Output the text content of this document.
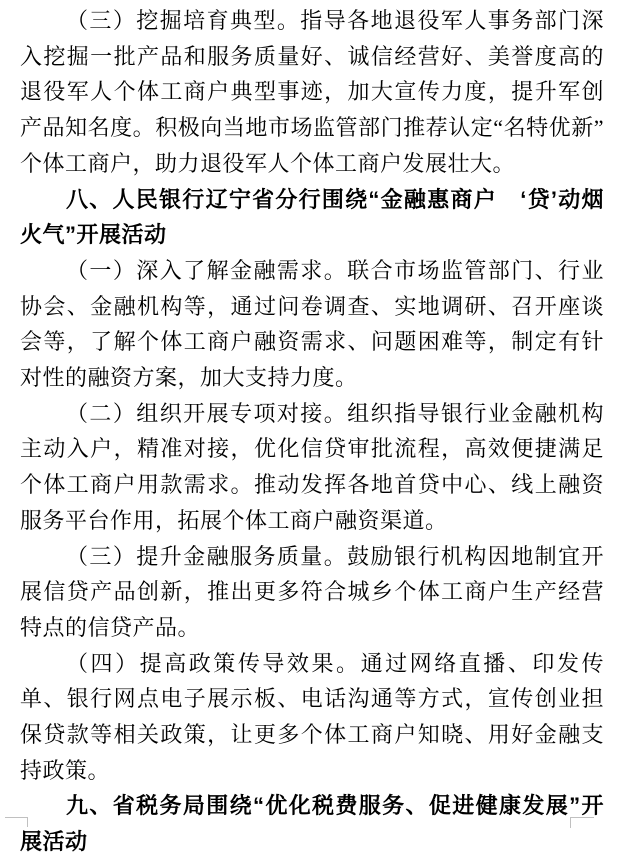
（三）挖掘培育典型。指导各地退役军人事务部门深入挖掘一批产品和服务质量好、诚信经营好、美誉度高的退役军人个体工商户典型事迹，加大宣传力度，提升军创产品知名度。积极向当地市场监管部门推荐认定“名特优新”个体工商户，助力退役军人个体工商户发展壮大。

八、人民银行辽宁省分行围绕“金融惠商户　‘贷’动烟火气”开展活动

（一）深入了解金融需求。联合市场监管部门、行业协会、金融机构等，通过问卷调查、实地调研、召开座谈会等，了解个体工商户融资需求、问题困难等，制定有针对性的融资方案，加大支持力度。

（二）组织开展专项对接。组织指导银行业金融机构主动入户，精准对接，优化信贷审批流程，高效便捷满足个体工商户用款需求。推动发挥各地首贷中心、线上融资服务平台作用，拓展个体工商户融资渠道。

（三）提升金融服务质量。鼓励银行机构因地制宜开展信贷产品创新，推出更多符合城乡个体工商户生产经营特点的信贷产品。

（四）提高政策传导效果。通过网络直播、印发传单、银行网点电子展示板、电话沟通等方式，宣传创业担保贷款等相关政策，让更多个体工商户知晓、用好金融支持政策。

九、省税务局围绕“优化税费服务、促进健康发展”开展活动
